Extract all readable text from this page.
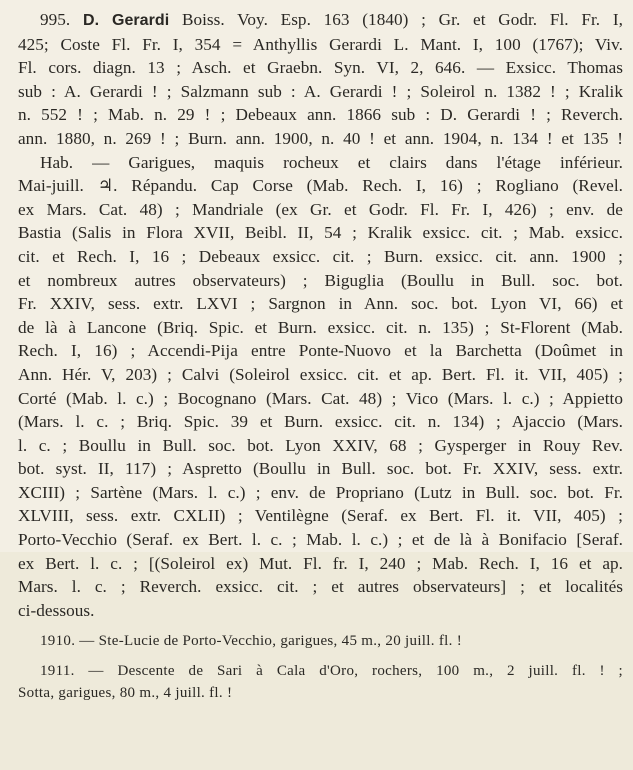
995. D. Gerardi Boiss. Voy. Esp. 163 (1840) ; Gr. et Godr. Fl. Fr. I,

425; Coste Fl. Fr. I, 354 = Anthyllis Gerardi L. Mant. I, 100 (1767); Viv.

Fl. cors. diagn. 13 ; Asch. et Graebn. Syn. VI, 2, 646. — Exsicc. Thomas

sub : A. Gerardi ! ; Salzmann sub : A. Gerardi ! ; Soleirol n. 1382 ! ; Kralik

n. 552 ! ; Mab. n. 29 ! ; Debeaux ann. 1866 sub : D. Gerardi ! ; Reverch.

ann. 1880, n. 269 ! ; Burn. ann. 1900, n. 40 ! et ann. 1904, n. 134 ! et 135 !

Hab. — Garigues, maquis rocheux et clairs dans l'étage inférieur.

Mai-juill. ♃. Répandu. Cap Corse (Mab. Rech. I, 16) ; Rogliano (Revel.

ex Mars. Cat. 48) ; Mandriale (ex Gr. et Godr. Fl. Fr. I, 426) ; env. de

Bastia (Salis in Flora XVII, Beibl. II, 54 ; Kralik exsicc. cit. ; Mab. exsicc.

cit. et Rech. I, 16 ; Debeaux exsicc. cit. ; Burn. exsicc. cit. ann. 1900 ;

et nombreux autres observateurs) ; Biguglia (Boullu in Bull. soc. bot.

Fr. XXIV, sess. extr. LXVI ; Sargnon in Ann. soc. bot. Lyon VI, 66) et

de là à Lancone (Briq. Spic. et Burn. exsicc. cit. n. 135) ; St-Florent (Mab.

Rech. I, 16) ; Accendi-Pija entre Ponte-Nuovo et la Barchetta (Doûmet in

Ann. Hér. V, 203) ; Calvi (Soleirol exsicc. cit. et ap. Bert. Fl. it. VII, 405) ;

Corté (Mab. l. c.) ; Bocognano (Mars. Cat. 48) ; Vico (Mars. l. c.) ; Appietto

(Mars. l. c. ; Briq. Spic. 39 et Burn. exsicc. cit. n. 134) ; Ajaccio (Mars.

l. c. ; Boullu in Bull. soc. bot. Lyon XXIV, 68 ; Gysperger in Rouy Rev.

bot. syst. II, 117) ; Aspretto (Boullu in Bull. soc. bot. Fr. XXIV, sess. extr.

XCIII) ; Sartène (Mars. l. c.) ; env. de Propriano (Lutz in Bull. soc. bot. Fr.

XLVIII, sess. extr. CXLII) ; Ventilègne (Seraf. ex Bert. Fl. it. VII, 405) ;

Porto-Vecchio (Seraf. ex Bert. l. c. ; Mab. l. c.) ; et de là à Bonifacio [Seraf.

ex Bert. l. c. ; [(Soleirol ex) Mut. Fl. fr. I, 240 ; Mab. Rech. I, 16 et ap.

Mars. l. c. ; Reverch. exsicc. cit. ; et autres observateurs] ; et localités

ci-dessous.

1910. — Ste-Lucie de Porto-Vecchio, garigues, 45 m., 20 juill. fl. !

1911. — Descente de Sari à Cala d'Oro, rochers, 100 m., 2 juill. fl. ! ;

Sotta, garigues, 80 m., 4 juill. fl. !
